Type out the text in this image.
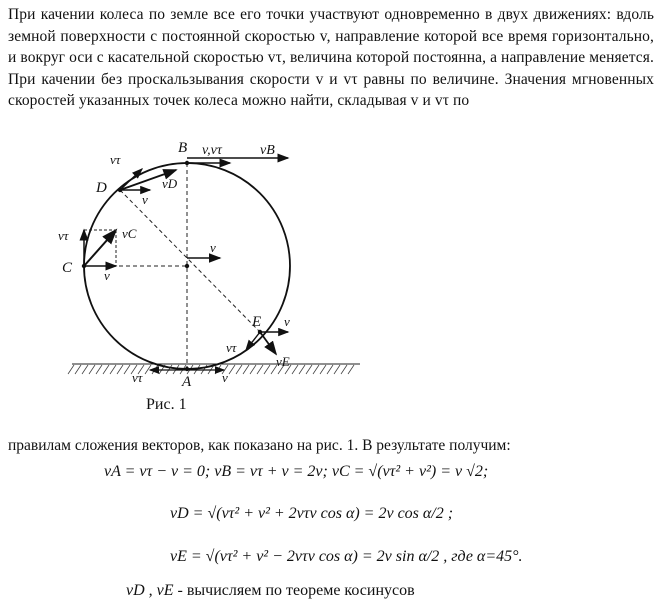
При качении колеса по земле все его точки участвуют одновременно в двух движениях: вдоль земной поверхности с постоянной скоростью v, направление которой все время горизонтально, и вокруг оси с касательной скоростью vτ, величина которой постоянна, а направление меняется. При качении без проскальзывания скорости v и vτ равны по величине. Значения мгновенных скоростей указанных точек колеса можно найти, складывая v и vτ по
B
D
C
E
A
v,vτ	vB
vτ
vD
v
vτ	vC
v
v
v
vτ
vE
vτ	v
Рис. 1
правилам сложения векторов, как показано на рис. 1. В результате получим:
vA = vτ − v = 0; vB = vτ + v = 2v; vC = √(vτ² + v²) = v √2;
vD = √(vτ² + v² + 2vτv cos α) = 2v cos α/2 ;
vE = √(vτ² + v² − 2vτv cos α) = 2v sin α/2 , где α=45°.
vD , vE - вычисляем по теореме косинусов
